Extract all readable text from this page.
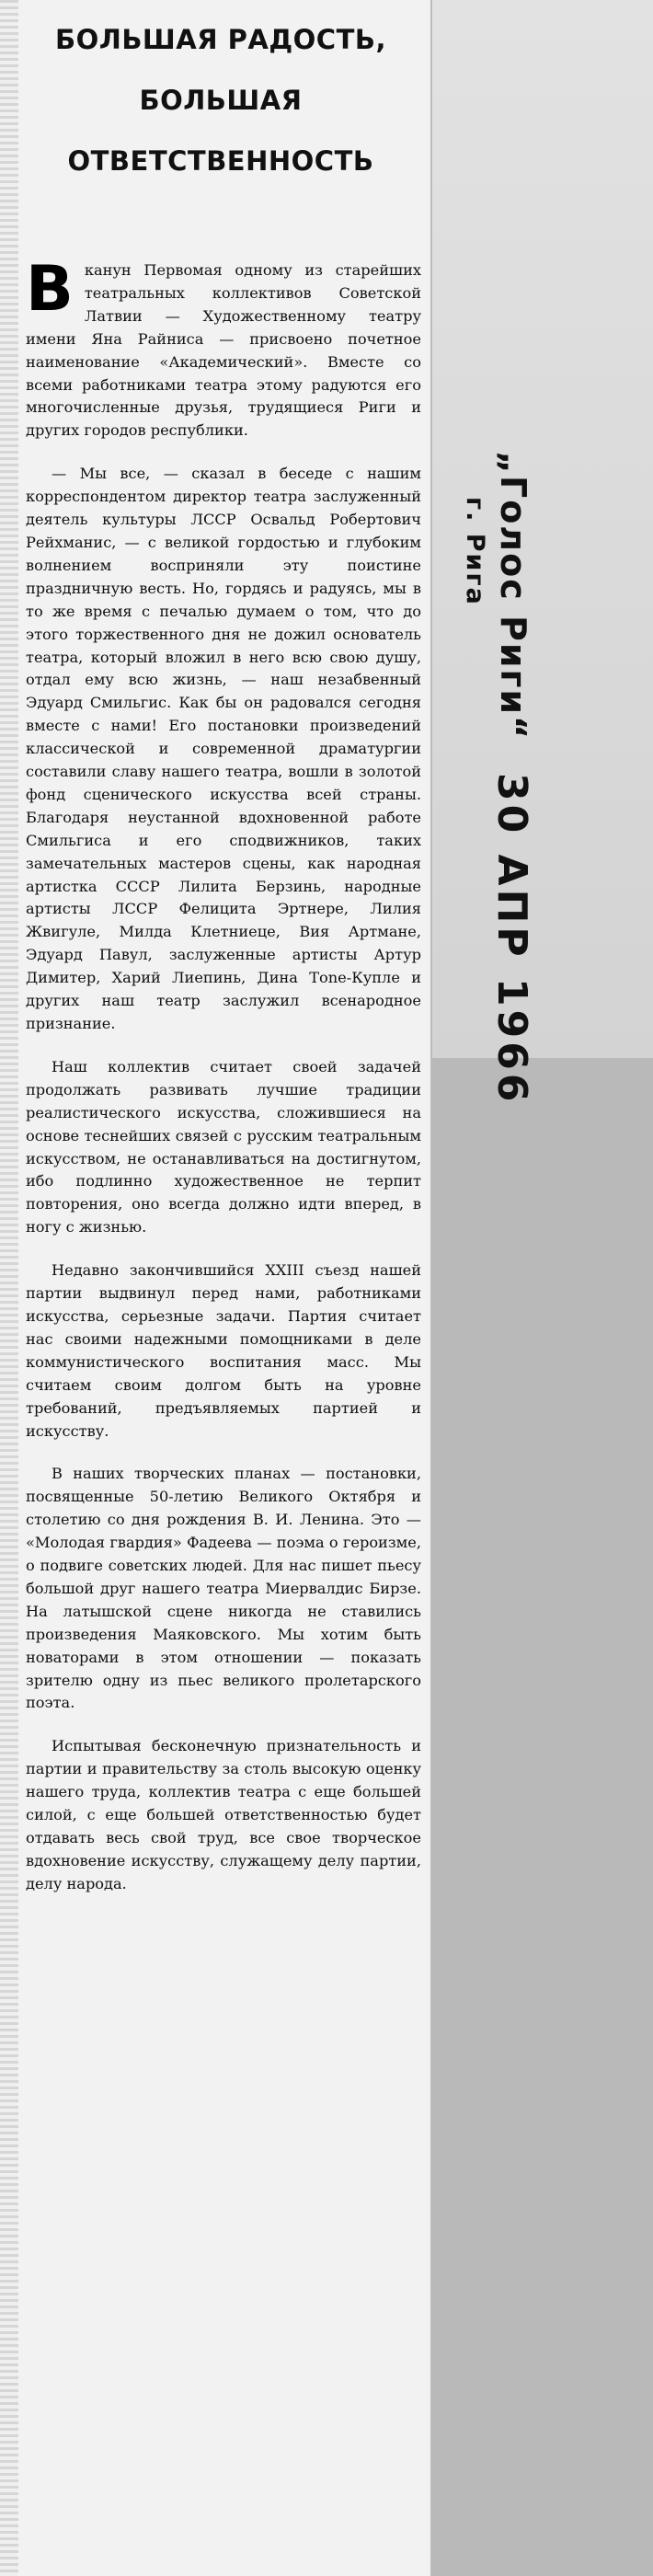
БОЛЬШАЯ РАДОСТЬ,
БОЛЬШАЯ
ОТВЕТСТВЕННОСТЬ

Вканун Первомая одному из старейших театральных коллективов Советской Латвии — Художественному театру имени Яна Райниса — присвоено почетное наименование «Академический». Вместе со всеми работниками театра этому радуются его многочисленные друзья, трудящиеся Риги и других городов республики.

— Мы все, — сказал в беседе с нашим корреспондентом директор театра заслуженный деятель культуры ЛССР Освальд Робертович Рейхманис, — с великой гордостью и глубоким волнением восприняли эту поистине праздничную весть. Но, гордясь и радуясь, мы в то же время с печалью думаем о том, что до этого торжественного дня не дожил основатель театра, который вложил в него всю свою душу, отдал ему всю жизнь, — наш незабвенный Эдуард Смильгис. Как бы он радовался сегодня вместе с нами! Его постановки произведений классической и современной драматургии составили славу нашего театра, вошли в золотой фонд сценического искусства всей страны. Благодаря неустанной вдохновенной работе Смильгиса и его сподвижников, таких замечательных мастеров сцены, как народная артистка СССР Лилита Берзинь, народные артисты ЛССР Фелицита Эртнере, Лилия Жвигуле, Милда Клетниеце, Вия Артмане, Эдуард Павул, заслуженные артисты Артур Димитер, Харий Лиепинь, Дина Тоne-Купле и других наш театр заслужил всенародное признание.

Наш коллектив считает своей задачей продолжать развивать лучшие традиции реалистического искусства, сложившиеся на основе теснейших связей с русским театральным искусством, не останавливаться на достигнутом, ибо подлинно художественное не терпит повторения, оно всегда должно идти вперед, в ногу с жизнью.

Недавно закончившийся XXIII съезд нашей партии выдвинул перед нами, работниками искусства, серьезные задачи. Партия считает нас своими надежными помощниками в деле коммунистического воспитания масс. Мы считаем своим долгом быть на уровне требований, предъявляемых партией и искусству.

В наших творческих планах — постановки, посвященные 50-летию Великого Октября и столетию со дня рождения В. И. Ленина. Это — «Молодая гвардия» Фадеева — поэма о героизме, о подвиге советских людей. Для нас пишет пьесу большой друг нашего театра Миервалдис Бирзе. На латышской сцене никогда не ставились произведения Маяковского. Мы хотим быть новаторами в этом отношении — показать зрителю одну из пьес великого пролетарского поэта.

Испытывая бесконечную признательность и партии и правительству за столь высокую оценку нашего труда, коллектив театра с еще большей силой, с еще большей ответственностью будет отдавать весь свой труд, все свое творческое вдохновение искусству, служащему делу партии, делу народа.

„Голос Риги“
г. Рига
30 АПР 1966
